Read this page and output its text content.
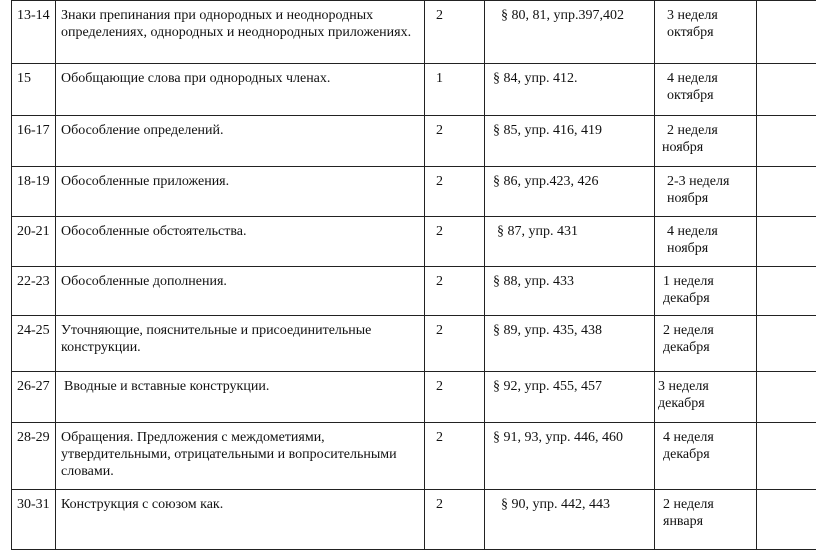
13-14	Знаки препинания при однородных и неоднородных определениях, однородных и неоднородных приложениях.	2	§ 80, 81, упр.397,402	3 неделя
октября	

15	Обобщающие слова при однородных членах.	1	§ 84, упр. 412.	4 неделя
октября	

16-17	Обособление определений.	2	§ 85, упр. 416, 419	2 неделя
ноября	

18-19	Обособленные приложения.	2	§ 86, упр.423, 426	2-3 неделя
ноября	

20-21	Обособленные обстоятельства.	2	§ 87, упр. 431	4 неделя
ноября	

22-23	Обособленные дополнения.	2	§ 88, упр. 433	1 неделя
декабря	

24-25	Уточняющие, пояснительные и присоединительные конструкции.	2	§ 89, упр. 435, 438	2 неделя
декабря	

26-27	Вводные и вставные конструкции.	2	§ 92, упр. 455, 457	3 неделя
декабря	

28-29	Обращения. Предложения с междометиями, утвердительными, отрицательными и вопросительными словами.	2	§ 91, 93, упр. 446, 460	4 неделя
декабря	

30-31	Конструкция с союзом как.	2	§ 90, упр. 442, 443	2 неделя
января	
